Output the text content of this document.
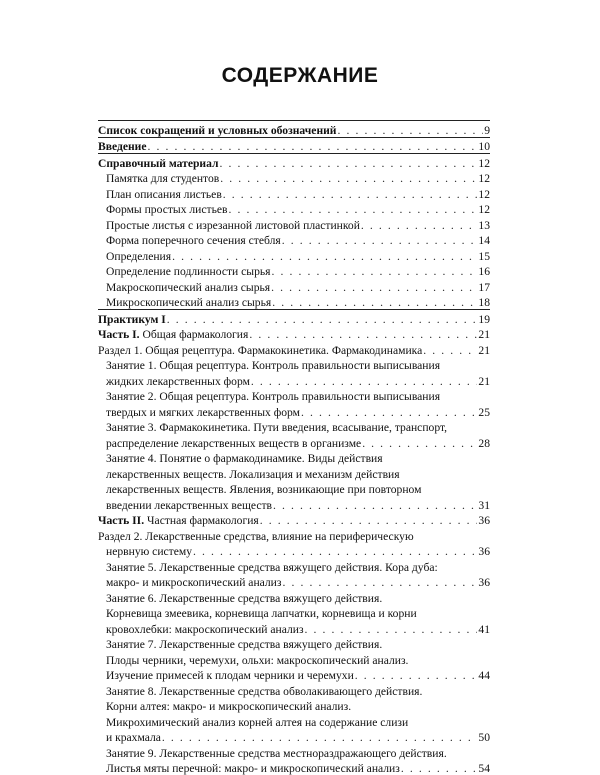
СОДЕРЖАНИЕ
Список сокращений и условных обозначений . . .	9
Введение . . .	10
Справочный материал . . .	12
Памятка для студентов . . .	12
План описания листьев . . .	12
Формы простых листьев . . .	12
Простые листья с изрезанной листовой пластинкой . . .	13
Форма поперечного сечения стебля . . .	14
Определения . . .	15
Определение подлинности сырья . . .	16
Макроскопический анализ сырья . . .	17
Микроскопический анализ сырья . . .	18
Практикум I . . .	19
Часть I. Общая фармакология . . .	21
Раздел 1. Общая рецептура. Фармакокинетика. Фармакодинамика . . .	21
Занятие 1. Общая рецептура. Контроль правильности выписывания
жидких лекарственных форм . . .	21
Занятие 2. Общая рецептура. Контроль правильности выписывания
твердых и мягких лекарственных форм . . .	25
Занятие 3. Фармакокинетика. Пути введения, всасывание, транспорт,
распределение лекарственных веществ в организме . . .	28
Занятие 4. Понятие о фармакодинамике. Виды действия
лекарственных веществ. Локализация и механизм действия
лекарственных веществ. Явления, возникающие при повторном
введении лекарственных веществ . . .	31
Часть II. Частная фармакология . . .	36
Раздел 2. Лекарственные средства, влияние на периферическую
нервную систему . . .	36
Занятие 5. Лекарственные средства вяжущего действия. Кора дуба:
макро- и микроскопический анализ . . .	36
Занятие 6. Лекарственные средства вяжущего действия.
Корневища змеевика, корневища лапчатки, корневища и корни
кровохлебки: макроскопический анализ . . .	41
Занятие 7. Лекарственные средства вяжущего действия.
Плоды черники, черемухи, ольхи: макроскопический анализ.
Изучение примесей к плодам черники и черемухи . . .	44
Занятие 8. Лекарственные средства обволакивающего действия.
Корни алтея: макро- и микроскопический анализ.
Микрохимический анализ корней алтея на содержание слизи
и крахмала . . .	50
Занятие 9. Лекарственные средства местнораздражающего действия.
Листья мяты перечной: макро- и микроскопический анализ . . .	54
